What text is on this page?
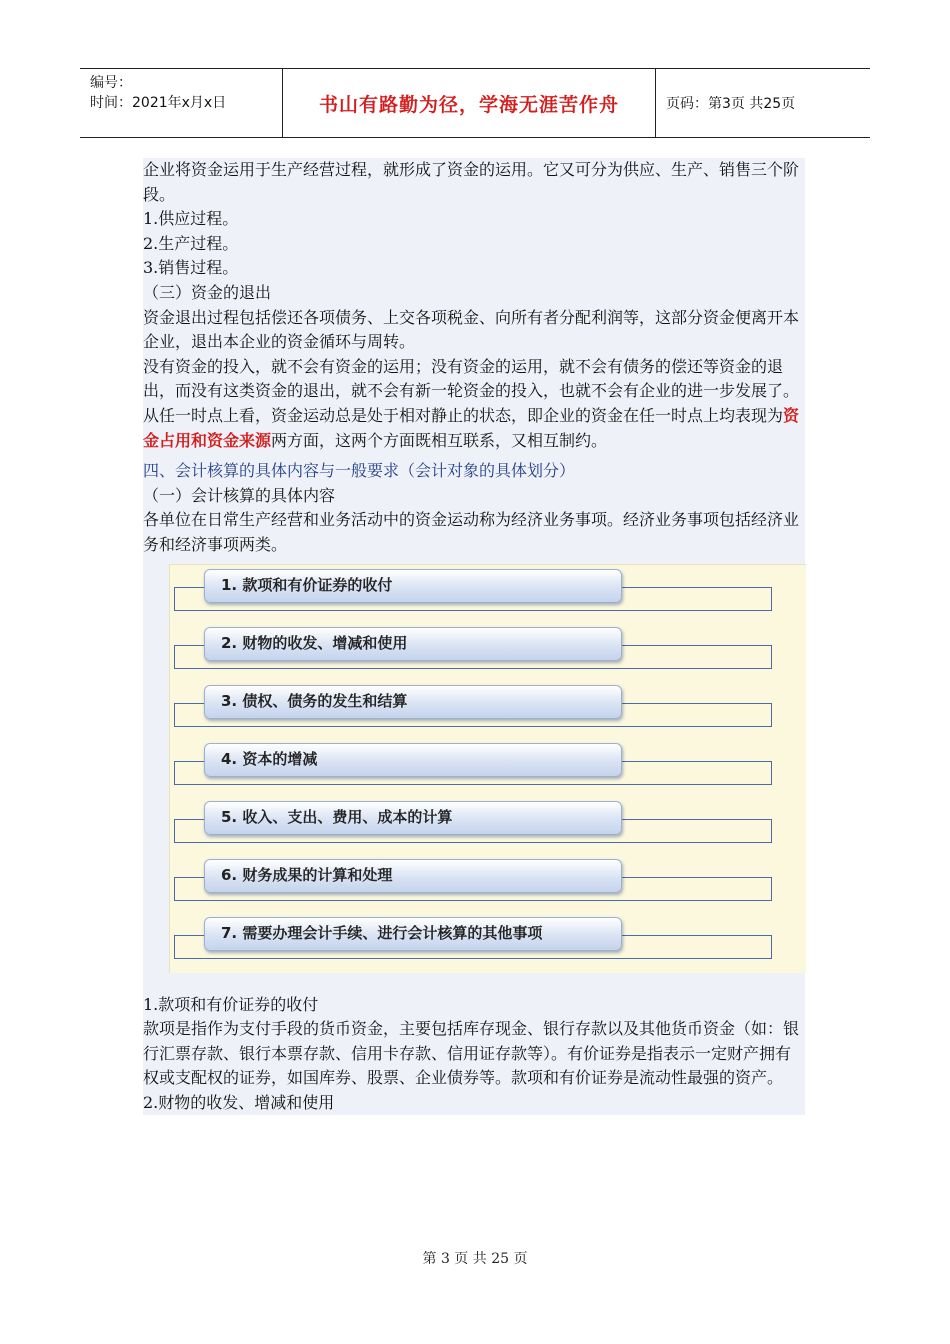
编号：
时间：2021年x月x日	书山有路勤为径，学海无涯苦作舟	页码：第3页 共25页

企业将资金运用于生产经营过程，就形成了资金的运用。它又可分为供应、生产、销售三个阶段。

1.供应过程。

2.生产过程。

3.销售过程。

（三）资金的退出

资金退出过程包括偿还各项债务、上交各项税金、向所有者分配利润等，这部分资金便离开本企业，退出本企业的资金循环与周转。

没有资金的投入，就不会有资金的运用；没有资金的运用，就不会有债务的偿还等资金的退出，而没有这类资金的退出，就不会有新一轮资金的投入，也就不会有企业的进一步发展了。

从任一时点上看，资金运动总是处于相对静止的状态，即企业的资金在任一时点上均表现为资金占用和资金来源两方面，这两个方面既相互联系，又相互制约。

四、会计核算的具体内容与一般要求（会计对象的具体划分）

（一）会计核算的具体内容

各单位在日常生产经营和业务活动中的资金运动称为经济业务事项。经济业务事项包括经济业务和经济事项两类。

1. 款项和有价证券的收付
2. 财物的收发、增减和使用
3. 债权、债务的发生和结算
4. 资本的增减
5. 收入、支出、费用、成本的计算
6. 财务成果的计算和处理
7. 需要办理会计手续、进行会计核算的其他事项

1.款项和有价证券的收付

款项是指作为支付手段的货币资金，主要包括库存现金、银行存款以及其他货币资金（如：银行汇票存款、银行本票存款、信用卡存款、信用证存款等）。有价证券是指表示一定财产拥有权或支配权的证券，如国库券、股票、企业债券等。款项和有价证券是流动性最强的资产。

2.财物的收发、增减和使用

第 3 页 共 25 页
